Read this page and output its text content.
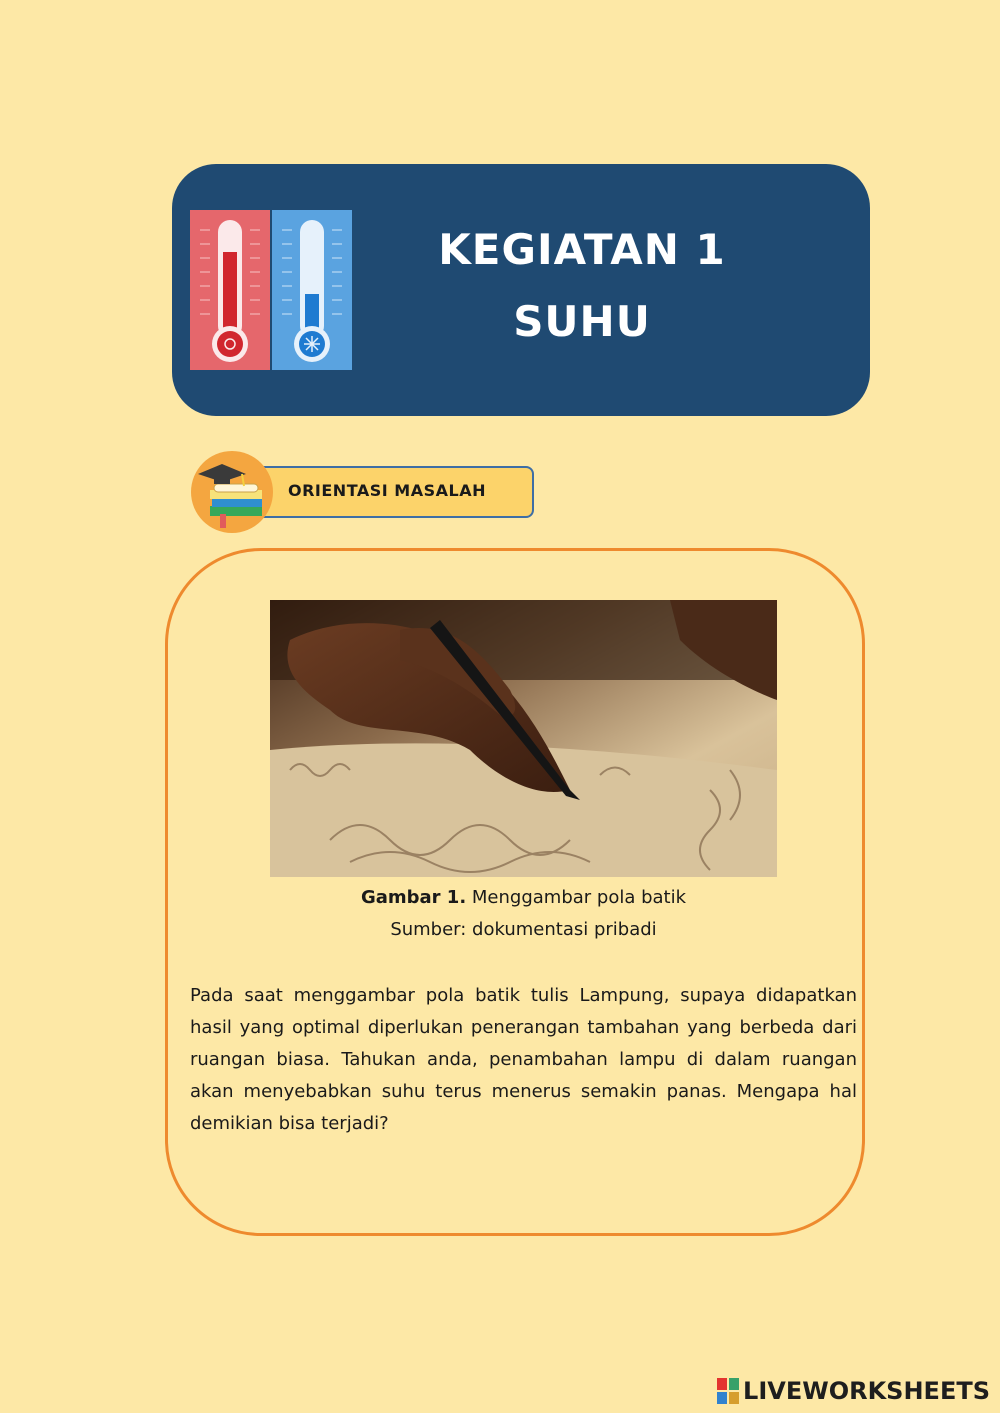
KEGIATAN 1
SUHU
ORIENTASI MASALAH
Gambar 1. Menggambar pola batik
Sumber: dokumentasi pribadi
Pada saat menggambar pola batik tulis Lampung, supaya didapatkan hasil yang optimal diperlukan penerangan tambahan yang berbeda dari ruangan biasa. Tahukan anda, penambahan lampu di dalam ruangan akan menyebabkan suhu terus menerus semakin panas. Mengapa hal demikian bisa terjadi?
LIVEWORKSHEETS
